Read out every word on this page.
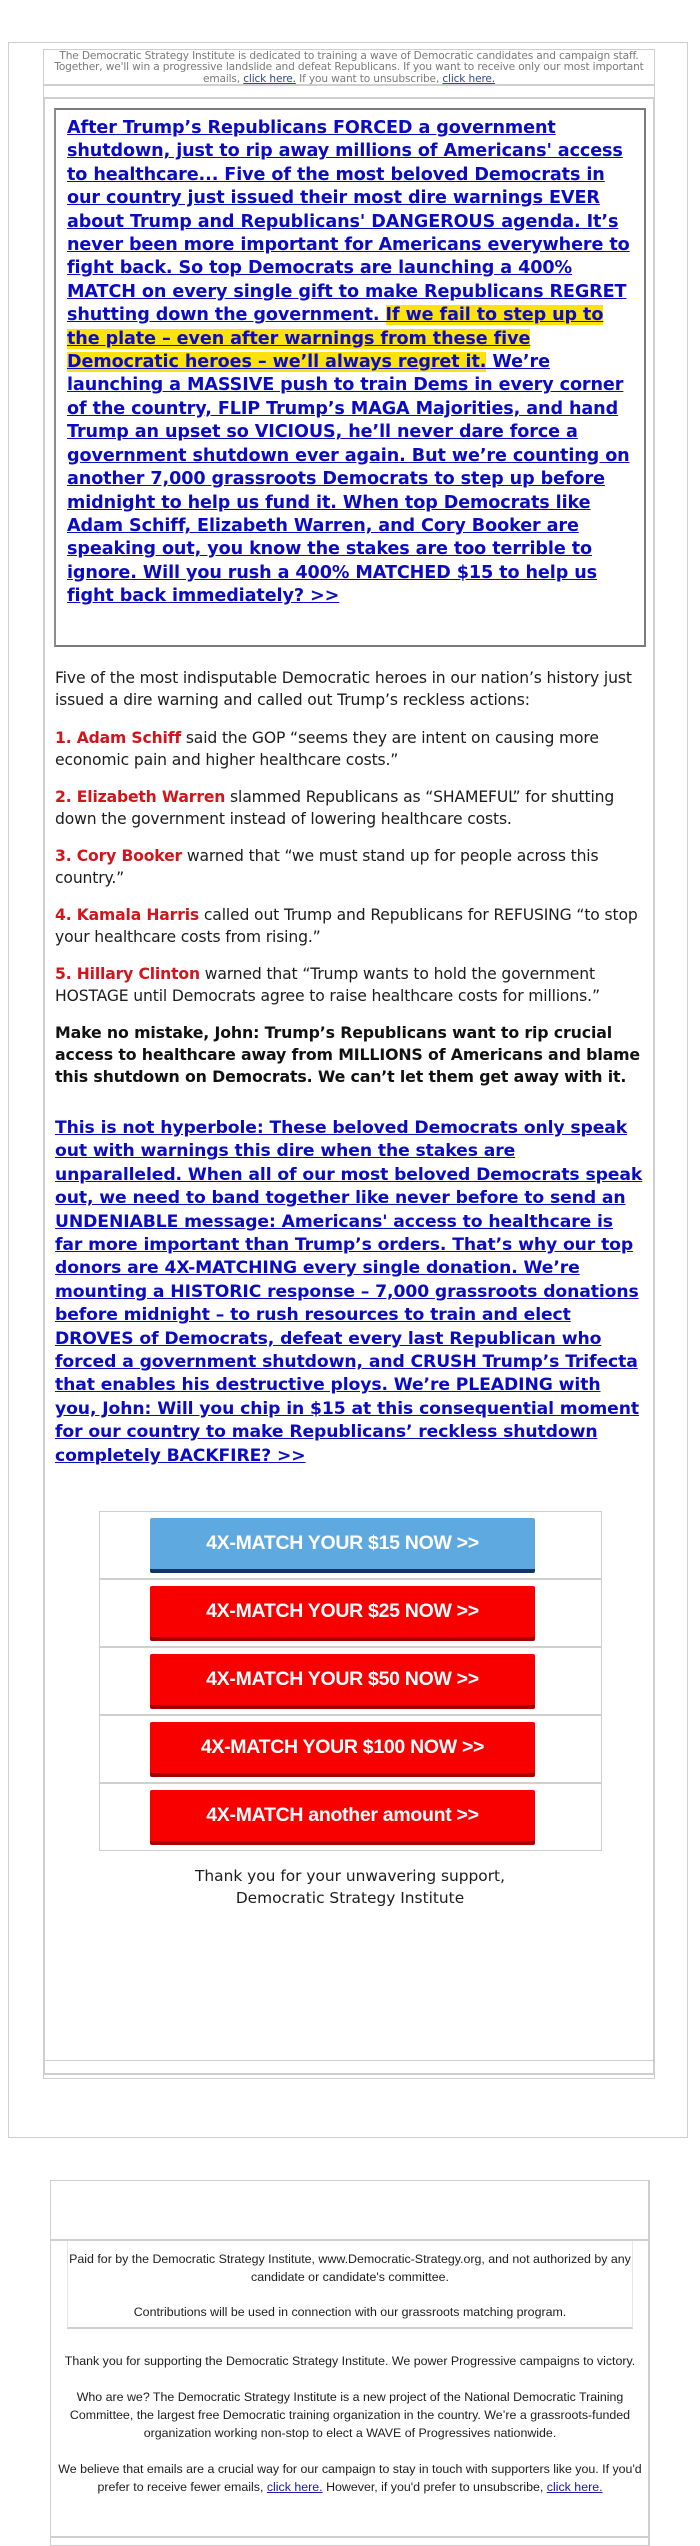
The Democratic Strategy Institute is dedicated to training a wave of Democratic candidates and campaign staff. Together, we'll win a progressive landslide and defeat Republicans. If you want to receive only our most important emails, click here. If you want to unsubscribe, click here.

After Trump’s Republicans FORCED a government shutdown, just to rip away millions of Americans' access to healthcare... Five of the most beloved Democrats in our country just issued their most dire warnings EVER about Trump and Republicans' DANGEROUS agenda. It’s never been more important for Americans everywhere to fight back. So top Democrats are launching a 400% MATCH on every single gift to make Republicans REGRET shutting down the government. If we fail to step up to the plate – even after warnings from these five Democratic heroes – we’ll always regret it. We’re launching a MASSIVE push to train Dems in every corner of the country, FLIP Trump’s MAGA Majorities, and hand Trump an upset so VICIOUS, he’ll never dare force a government shutdown ever again. But we’re counting on another 7,000 grassroots Democrats to step up before midnight to help us fund it. When top Democrats like Adam Schiff, Elizabeth Warren, and Cory Booker are speaking out, you know the stakes are too terrible to ignore. Will you rush a 400% MATCHED $15 to help us fight back immediately? >>

Five of the most indisputable Democratic heroes in our nation’s history just issued a dire warning and called out Trump’s reckless actions:

1. Adam Schiff said the GOP “seems they are intent on causing more economic pain and higher healthcare costs.”

2. Elizabeth Warren slammed Republicans as “SHAMEFUL” for shutting down the government instead of lowering healthcare costs.

3. Cory Booker warned that “we must stand up for people across this country.”

4. Kamala Harris called out Trump and Republicans for REFUSING “to stop your healthcare costs from rising.”

5. Hillary Clinton warned that “Trump wants to hold the government HOSTAGE until Democrats agree to raise healthcare costs for millions.”

Make no mistake, John: Trump’s Republicans want to rip crucial access to healthcare away from MILLIONS of Americans and blame this shutdown on Democrats. We can’t let them get away with it.

This is not hyperbole: These beloved Democrats only speak out with warnings this dire when the stakes are unparalleled. When all of our most beloved Democrats speak out, we need to band together like never before to send an UNDENIABLE message: Americans' access to healthcare is far more important than Trump’s orders. That’s why our top donors are 4X-MATCHING every single donation. We’re mounting a HISTORIC response – 7,000 grassroots donations before midnight – to rush resources to train and elect DROVES of Democrats, defeat every last Republican who forced a government shutdown, and CRUSH Trump’s Trifecta that enables his destructive ploys. We’re PLEADING with you, John: Will you chip in $15 at this consequential moment for our country to make Republicans’ reckless shutdown completely BACKFIRE? >>

4X-MATCH YOUR $15 NOW >>
4X-MATCH YOUR $25 NOW >>
4X-MATCH YOUR $50 NOW >>
4X-MATCH YOUR $100 NOW >>
4X-MATCH another amount >>
Thank you for your unwavering support,
Democratic Strategy Institute

Paid for by the Democratic Strategy Institute, www.Democratic-Strategy.org, and not authorized by any candidate or candidate's committee.

Contributions will be used in connection with our grassroots matching program.

Thank you for supporting the Democratic Strategy Institute. We power Progressive campaigns to victory.

Who are we? The Democratic Strategy Institute is a new project of the National Democratic Training Committee, the largest free Democratic training organization in the country. We’re a grassroots-funded organization working non-stop to elect a WAVE of Progressives nationwide.

We believe that emails are a crucial way for our campaign to stay in touch with supporters like you. If you'd prefer to receive fewer emails, click here. However, if you'd prefer to unsubscribe, click here.
